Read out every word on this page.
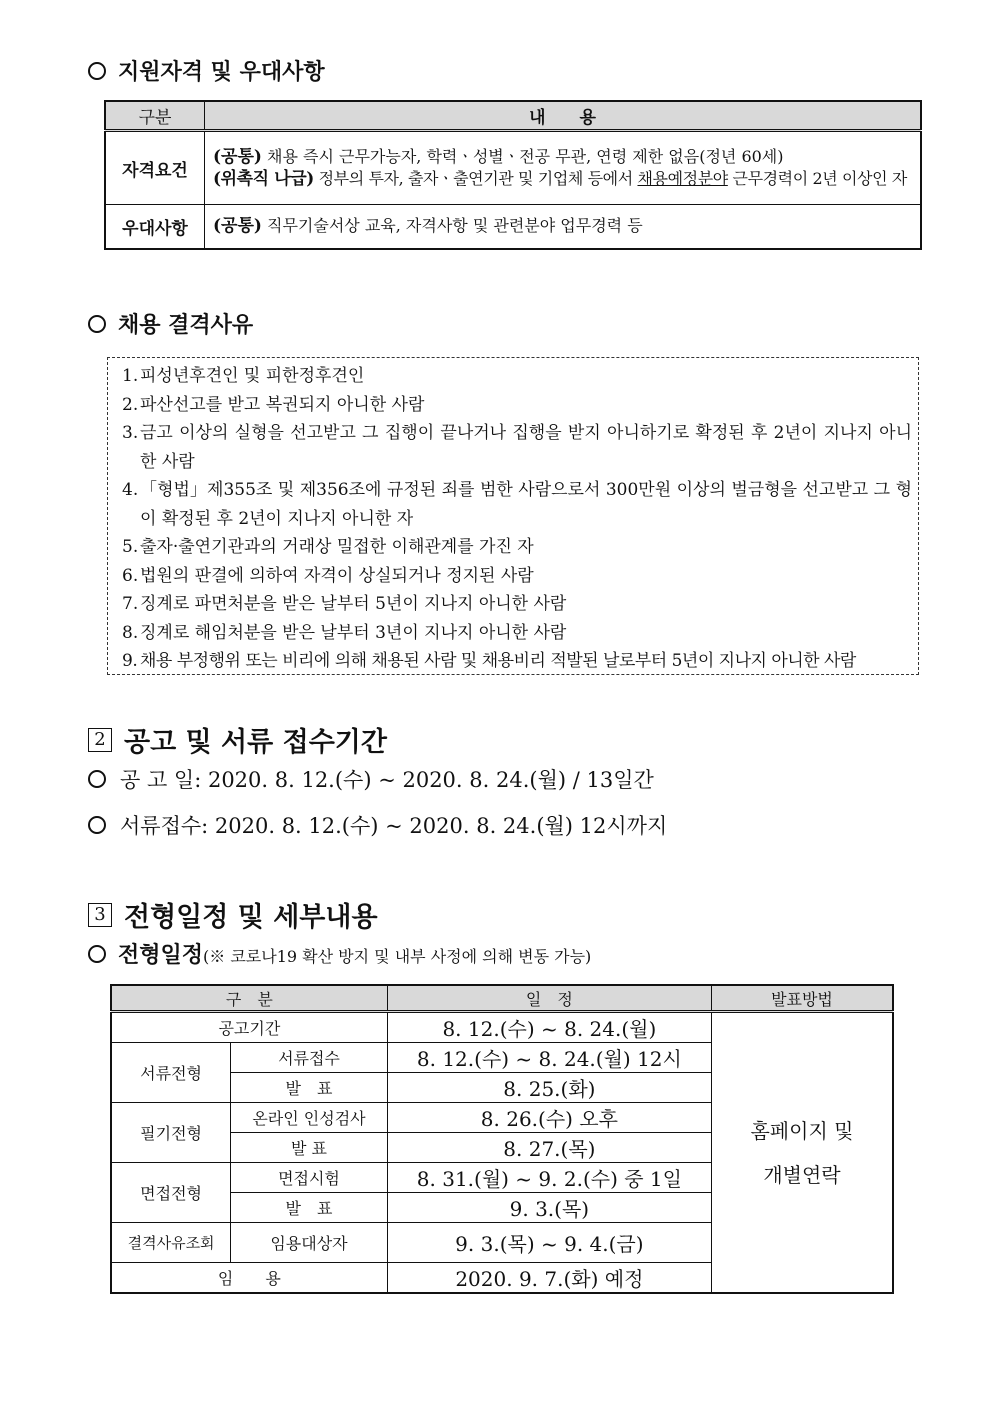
지원자격 및 우대사항
구분	내　　용
자격요건	(공통) 채용 즉시 근무가능자, 학력ㆍ성별ㆍ전공 무관, 연령 제한 없음(정년 60세)
(위촉직 나급) 정부의 투자, 출자ㆍ출연기관 및 기업체 등에서 채용예정분야 근무경력이 2년 이상인 자

우대사항	(공통) 직무기술서상 교육, 자격사항 및 관련분야 업무경력 등
채용 결격사유
1. 피성년후견인 및 피한정후견인
2. 파산선고를 받고 복권되지 아니한 사람
3. 금고 이상의 실형을 선고받고 그 집행이 끝나거나 집행을 받지 아니하기로 확정된 후 2년이 지나지 아니한 사람
4. 「형법」제355조 및 제356조에 규정된 죄를 범한 사람으로서 300만원 이상의 벌금형을 선고받고 그 형이 확정된 후 2년이 지나지 아니한 자
5. 출자·출연기관과의 거래상 밀접한 이해관계를 가진 자
6. 법원의 판결에 의하여 자격이 상실되거나 정지된 사람
7. 징계로 파면처분을 받은 날부터 5년이 지나지 아니한 사람
8. 징계로 해임처분을 받은 날부터 3년이 지나지 아니한 사람
9. 채용 부정행위 또는 비리에 의해 채용된 사람 및 채용비리 적발된 날로부터 5년이 지나지 아니한 사람
2 공고 및 서류 접수기간
공 고 일: 2020. 8. 12.(수) ~ 2020. 8. 24.(월) / 13일간
서류접수: 2020. 8. 12.(수) ~ 2020. 8. 24.(월) 12시까지
3 전형일정 및 세부내용
전형일정(※ 코로나19 확산 방지 및 내부 사정에 의해 변동 가능)
구　분		일　정	발표방법
공고기간		8. 12.(수) ~ 8. 24.(월)	홈페이지 및
개별연락

서류전형	서류접수	8. 12.(수) ~ 8. 24.(월) 12시	
	발　표	8. 25.(화)	
필기전형	온라인 인성검사	8. 26.(수) 오후	
	발 표	8. 27.(목)	
면접전형	면접시험	8. 31.(월) ~ 9. 2.(수) 중 1일	
	발　표	9. 3.(목)	
결격사유조회	임용대상자	9. 3.(목) ~ 9. 4.(금)	
임　　용		2020. 9. 7.(화) 예정	
